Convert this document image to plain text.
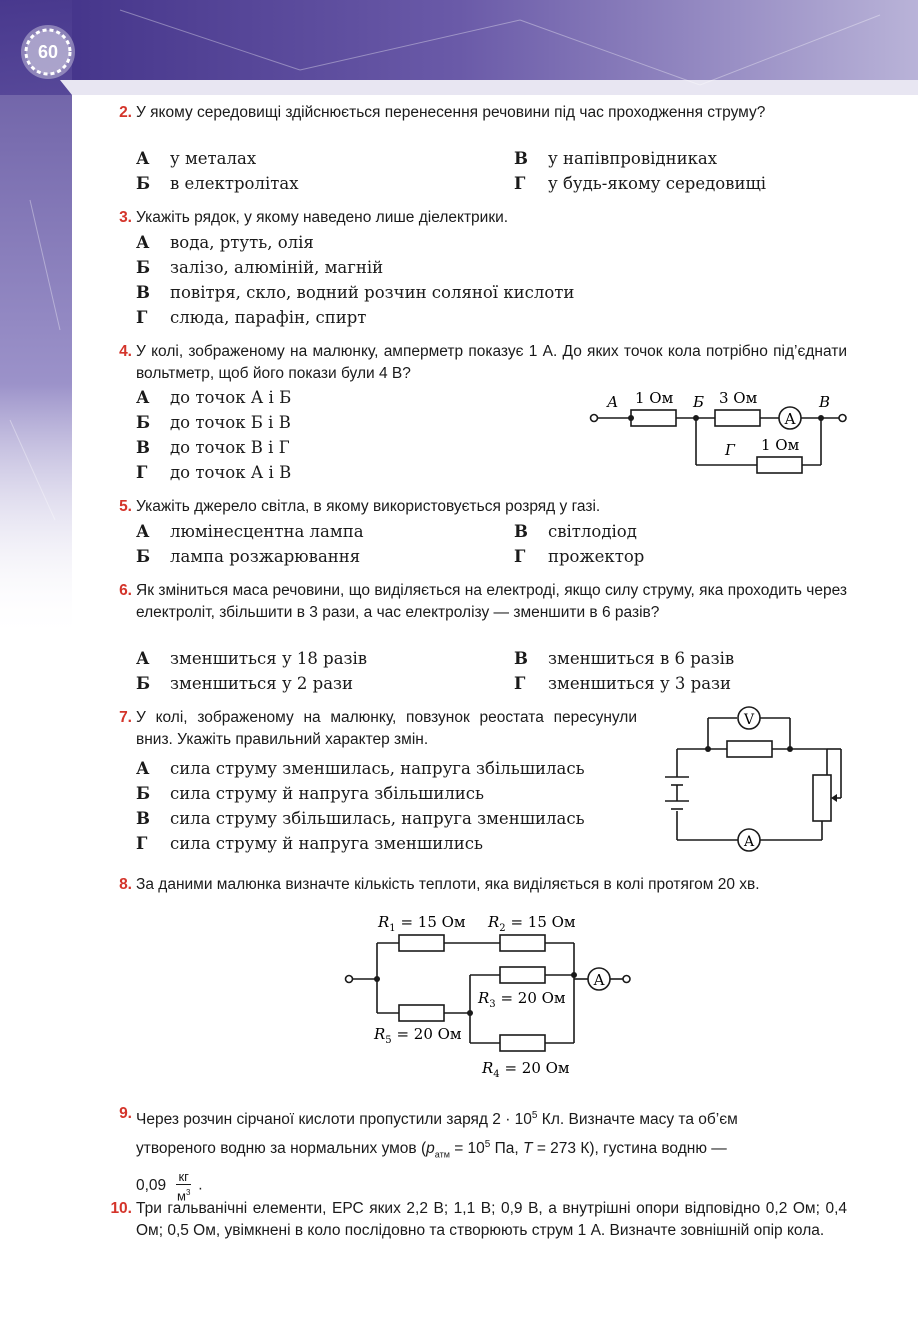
60
2. У якому середовищі здійснюється перенесення речовини під час проходження струму?
А у металах
Б в електролітах
В у напівпровідниках
Г у будь-якому середовищі
3. Укажіть рядок, у якому наведено лише діелектрики.
А вода, ртуть, олія
Б залізо, алюміній, магній
В повітря, скло, водний розчин соляної кислоти
Г слюда, парафін, спирт
4. У колі, зображеному на малюнку, амперметр показує 1 А. До яких точок кола потрібно під’єднати вольтметр, щоб його покази були 4 В?
А до точок А і Б
Б до точок Б і В
В до точок В і Г
Г до точок А і В
A
А	Б	В
Г
1 Ом	3 Ом
1 Ом
5. Укажіть джерело світла, в якому використовується розряд у газі.
А люмінесцентна лампа
Б лампа розжарювання
В світлодіод
Г прожектор
6. Як зміниться маса речовини, що виділяється на електроді, якщо силу струму, яка проходить через електроліт, збільшити в 3 рази, а час електролізу — зменшити в 6 разів?
А зменшиться у 18 разів
Б зменшиться у 2 рази
В зменшиться в 6 разів
Г зменшиться у 3 рази
7. У колі, зображеному на малюнку, повзунок реостата пересунули вниз. Укажіть правильний характер змін.
А сила струму зменшилась, напруга збільшилась
Б сила струму й напруга збільшились
В сила струму збільшилась, напруга зменшилась
Г сила струму й напруга зменшились
V
A
8. За даними малюнка визначте кількість теплоти, яка виділяється в колі протягом 20 хв.
A
$R_1 = 15$ Ом $R_2 = 15$ Ом
$R_3 = 20$ Ом
$R_4 = 20$ Ом
$R_5 = 20$ Ом
9. Через розчин сірчаної кислоти пропустили заряд $2 \cdot 10^5$ Кл. Визначте масу та об’єм
утвореного водню за нормальних умов ($p_{атм} = 10^5$ Па, T = 273 К), густина водню —
0,09
кг
$м^3$ .
10. Три гальванічні елементи, ЕРС яких 2,2 В; 1,1 В; 0,9 В, а внутрішні опори відповідно 0,2 Ом; 0,4 Ом; 0,5 Ом, увімкнені в коло послідовно та створюють струм 1 А. Визначте зовнішній опір кола.
